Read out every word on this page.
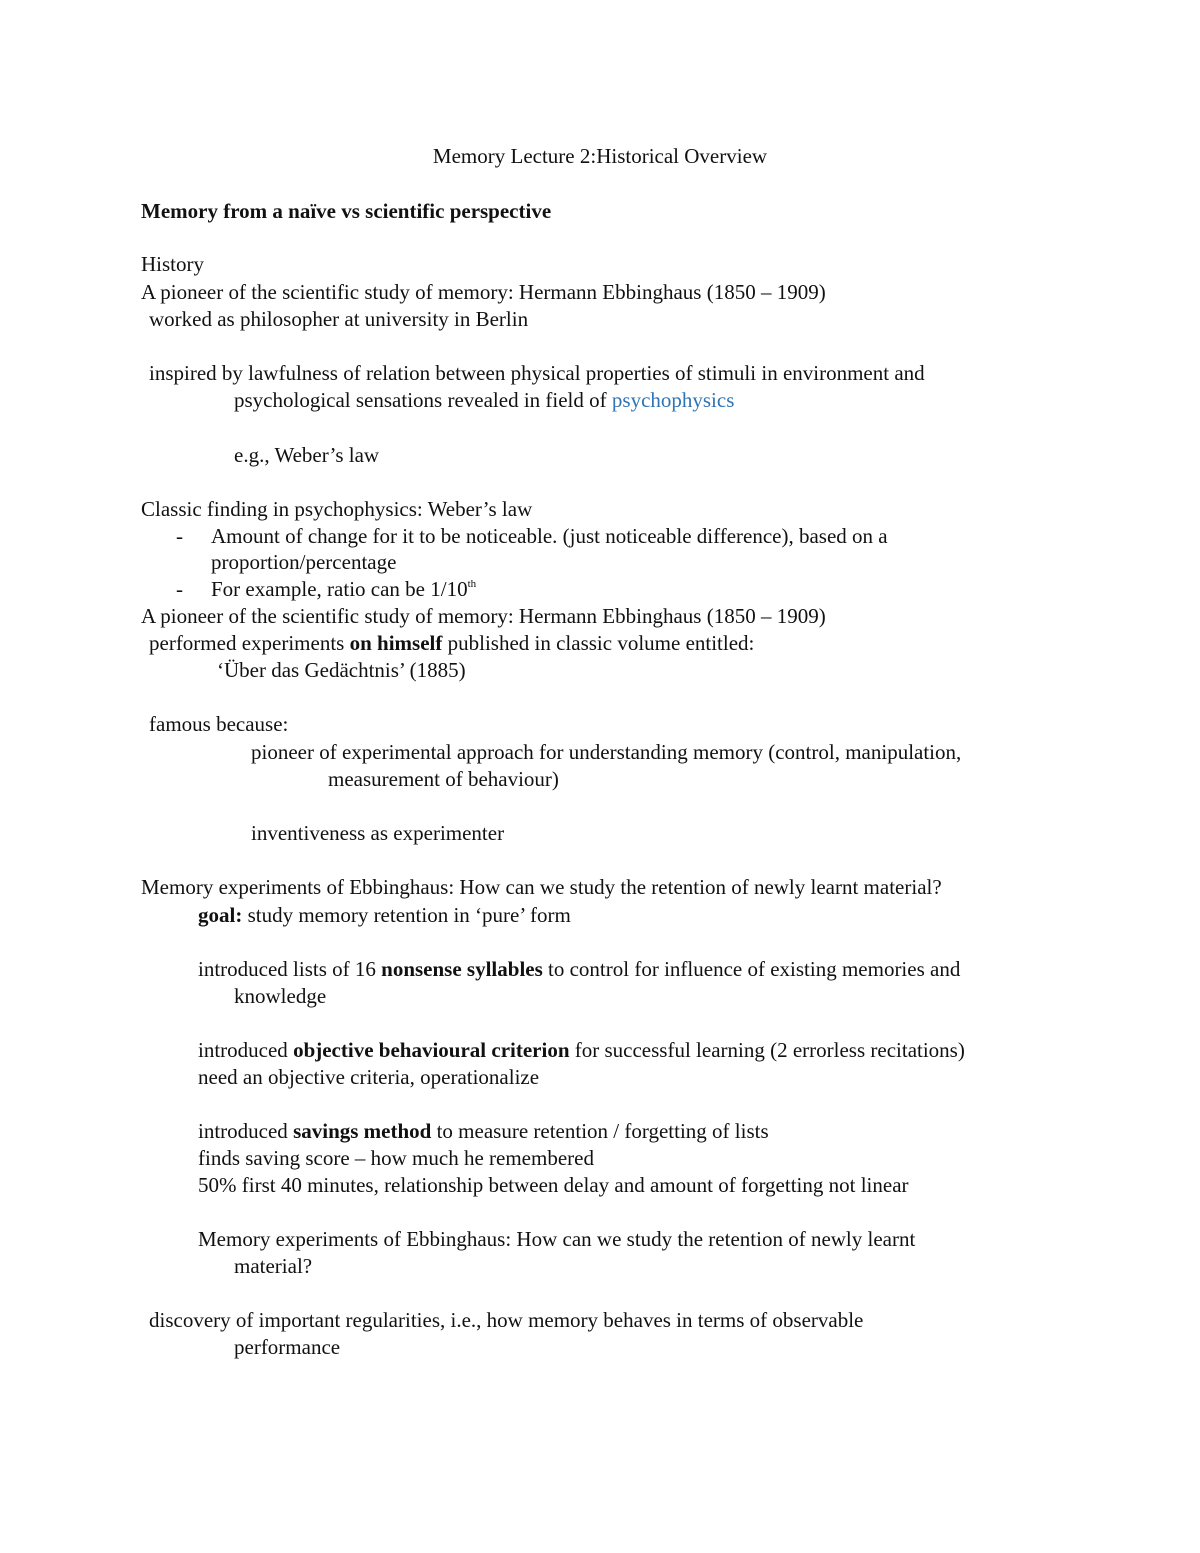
Memory Lecture 2:Historical Overview
Memory from a naïve vs scientific perspective
History
A pioneer of the scientific study of memory: Hermann Ebbinghaus (1850 – 1909)
worked as philosopher at university in Berlin
inspired by lawfulness of relation between physical properties of stimuli in environment and
psychological sensations revealed in field of psychophysics
e.g., Weber’s law
Classic finding in psychophysics: Weber’s law
- Amount of change for it to be noticeable. (just noticeable difference), based on a
proportion/percentage
- For example, ratio can be 1/10th
A pioneer of the scientific study of memory: Hermann Ebbinghaus (1850 – 1909)
performed experiments on himself published in classic volume entitled:
‘Über das Gedächtnis’ (1885)
famous because:
pioneer of experimental approach for understanding memory (control, manipulation,
measurement of behaviour)
inventiveness as experimenter
Memory experiments of Ebbinghaus: How can we study the retention of newly learnt material?
goal: study memory retention in ‘pure’ form
introduced lists of 16 nonsense syllables to control for influence of existing memories and
knowledge
introduced objective behavioural criterion for successful learning (2 errorless recitations)
need an objective criteria, operationalize
introduced savings method to measure retention / forgetting of lists
finds saving score – how much he remembered
50% first 40 minutes, relationship between delay and amount of forgetting not linear
Memory experiments of Ebbinghaus: How can we study the retention of newly learnt
material?
discovery of important regularities, i.e., how memory behaves in terms of observable
performance
